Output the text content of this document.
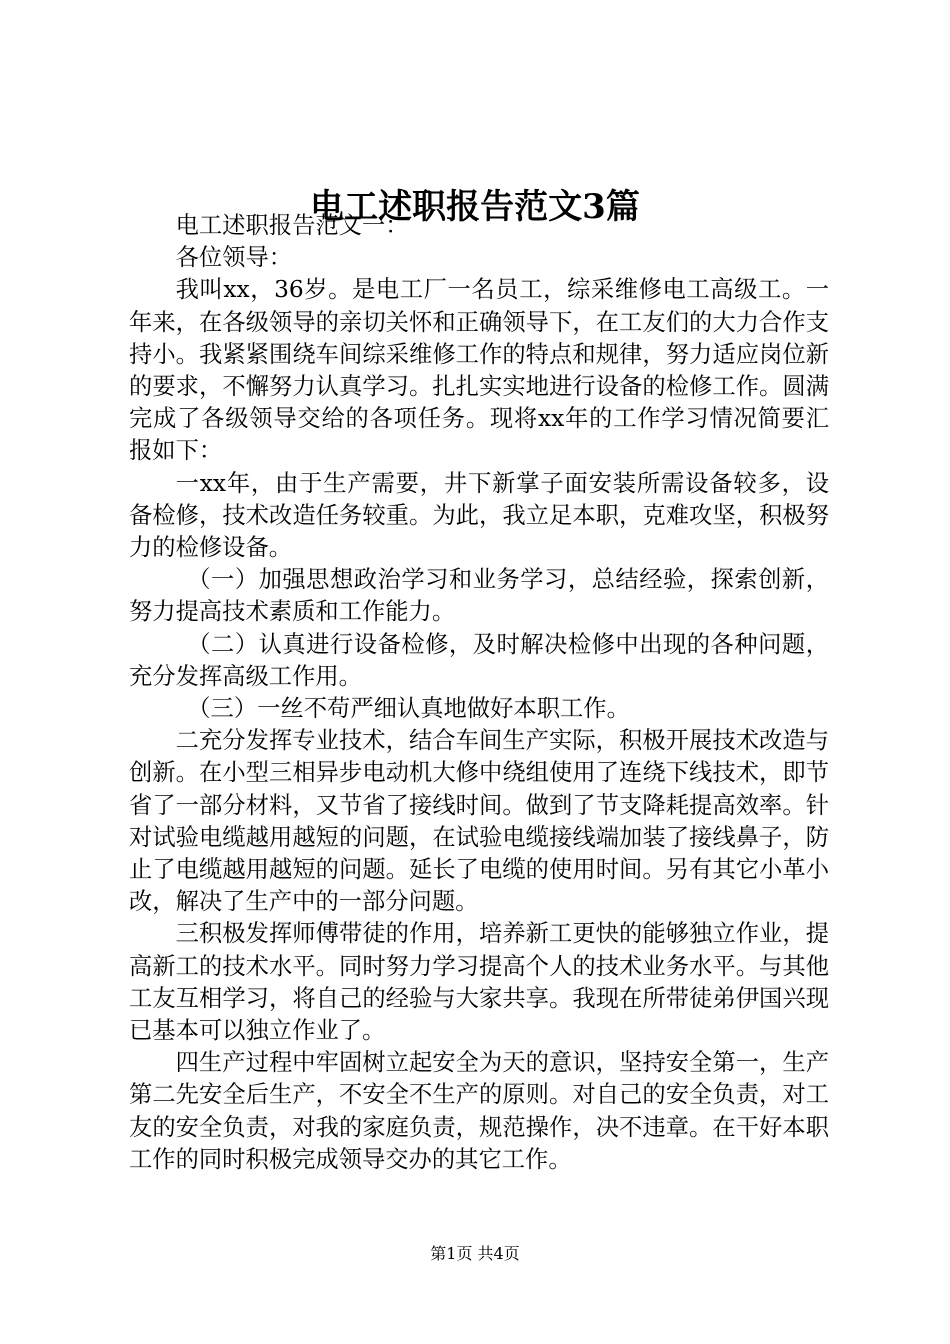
电工述职报告范文3篇

电工述职报告范文一：

各位领导：

我叫xx，36岁。是电工厂一名员工，综采维修电工高级工。一年来，在各级领导的亲切关怀和正确领导下，在工友们的大力合作支持小。我紧紧围绕车间综采维修工作的特点和规律，努力适应岗位新的要求，不懈努力认真学习。扎扎实实地进行设备的检修工作。圆满完成了各级领导交给的各项任务。现将xx年的工作学习情况简要汇报如下：

一xx年，由于生产需要，井下新掌子面安装所需设备较多，设备检修，技术改造任务较重。为此，我立足本职，克难攻坚，积极努力的检修设备。

（一）加强思想政治学习和业务学习，总结经验，探索创新，努力提高技术素质和工作能力。

（二）认真进行设备检修，及时解决检修中出现的各种问题，充分发挥高级工作用。

（三）一丝不苟严细认真地做好本职工作。

二充分发挥专业技术，结合车间生产实际，积极开展技术改造与创新。在小型三相异步电动机大修中绕组使用了连绕下线技术，即节省了一部分材料，又节省了接线时间。做到了节支降耗提高效率。针对试验电缆越用越短的问题，在试验电缆接线端加装了接线鼻子，防止了电缆越用越短的问题。延长了电缆的使用时间。另有其它小革小改，解决了生产中的一部分问题。

三积极发挥师傅带徒的作用，培养新工更快的能够独立作业，提高新工的技术水平。同时努力学习提高个人的技术业务水平。与其他工友互相学习，将自己的经验与大家共享。我现在所带徒弟伊国兴现已基本可以独立作业了。

四生产过程中牢固树立起安全为天的意识，坚持安全第一，生产第二先安全后生产，不安全不生产的原则。对自己的安全负责，对工友的安全负责，对我的家庭负责，规范操作，决不违章。在干好本职工作的同时积极完成领导交办的其它工作。

第1页 共4页
